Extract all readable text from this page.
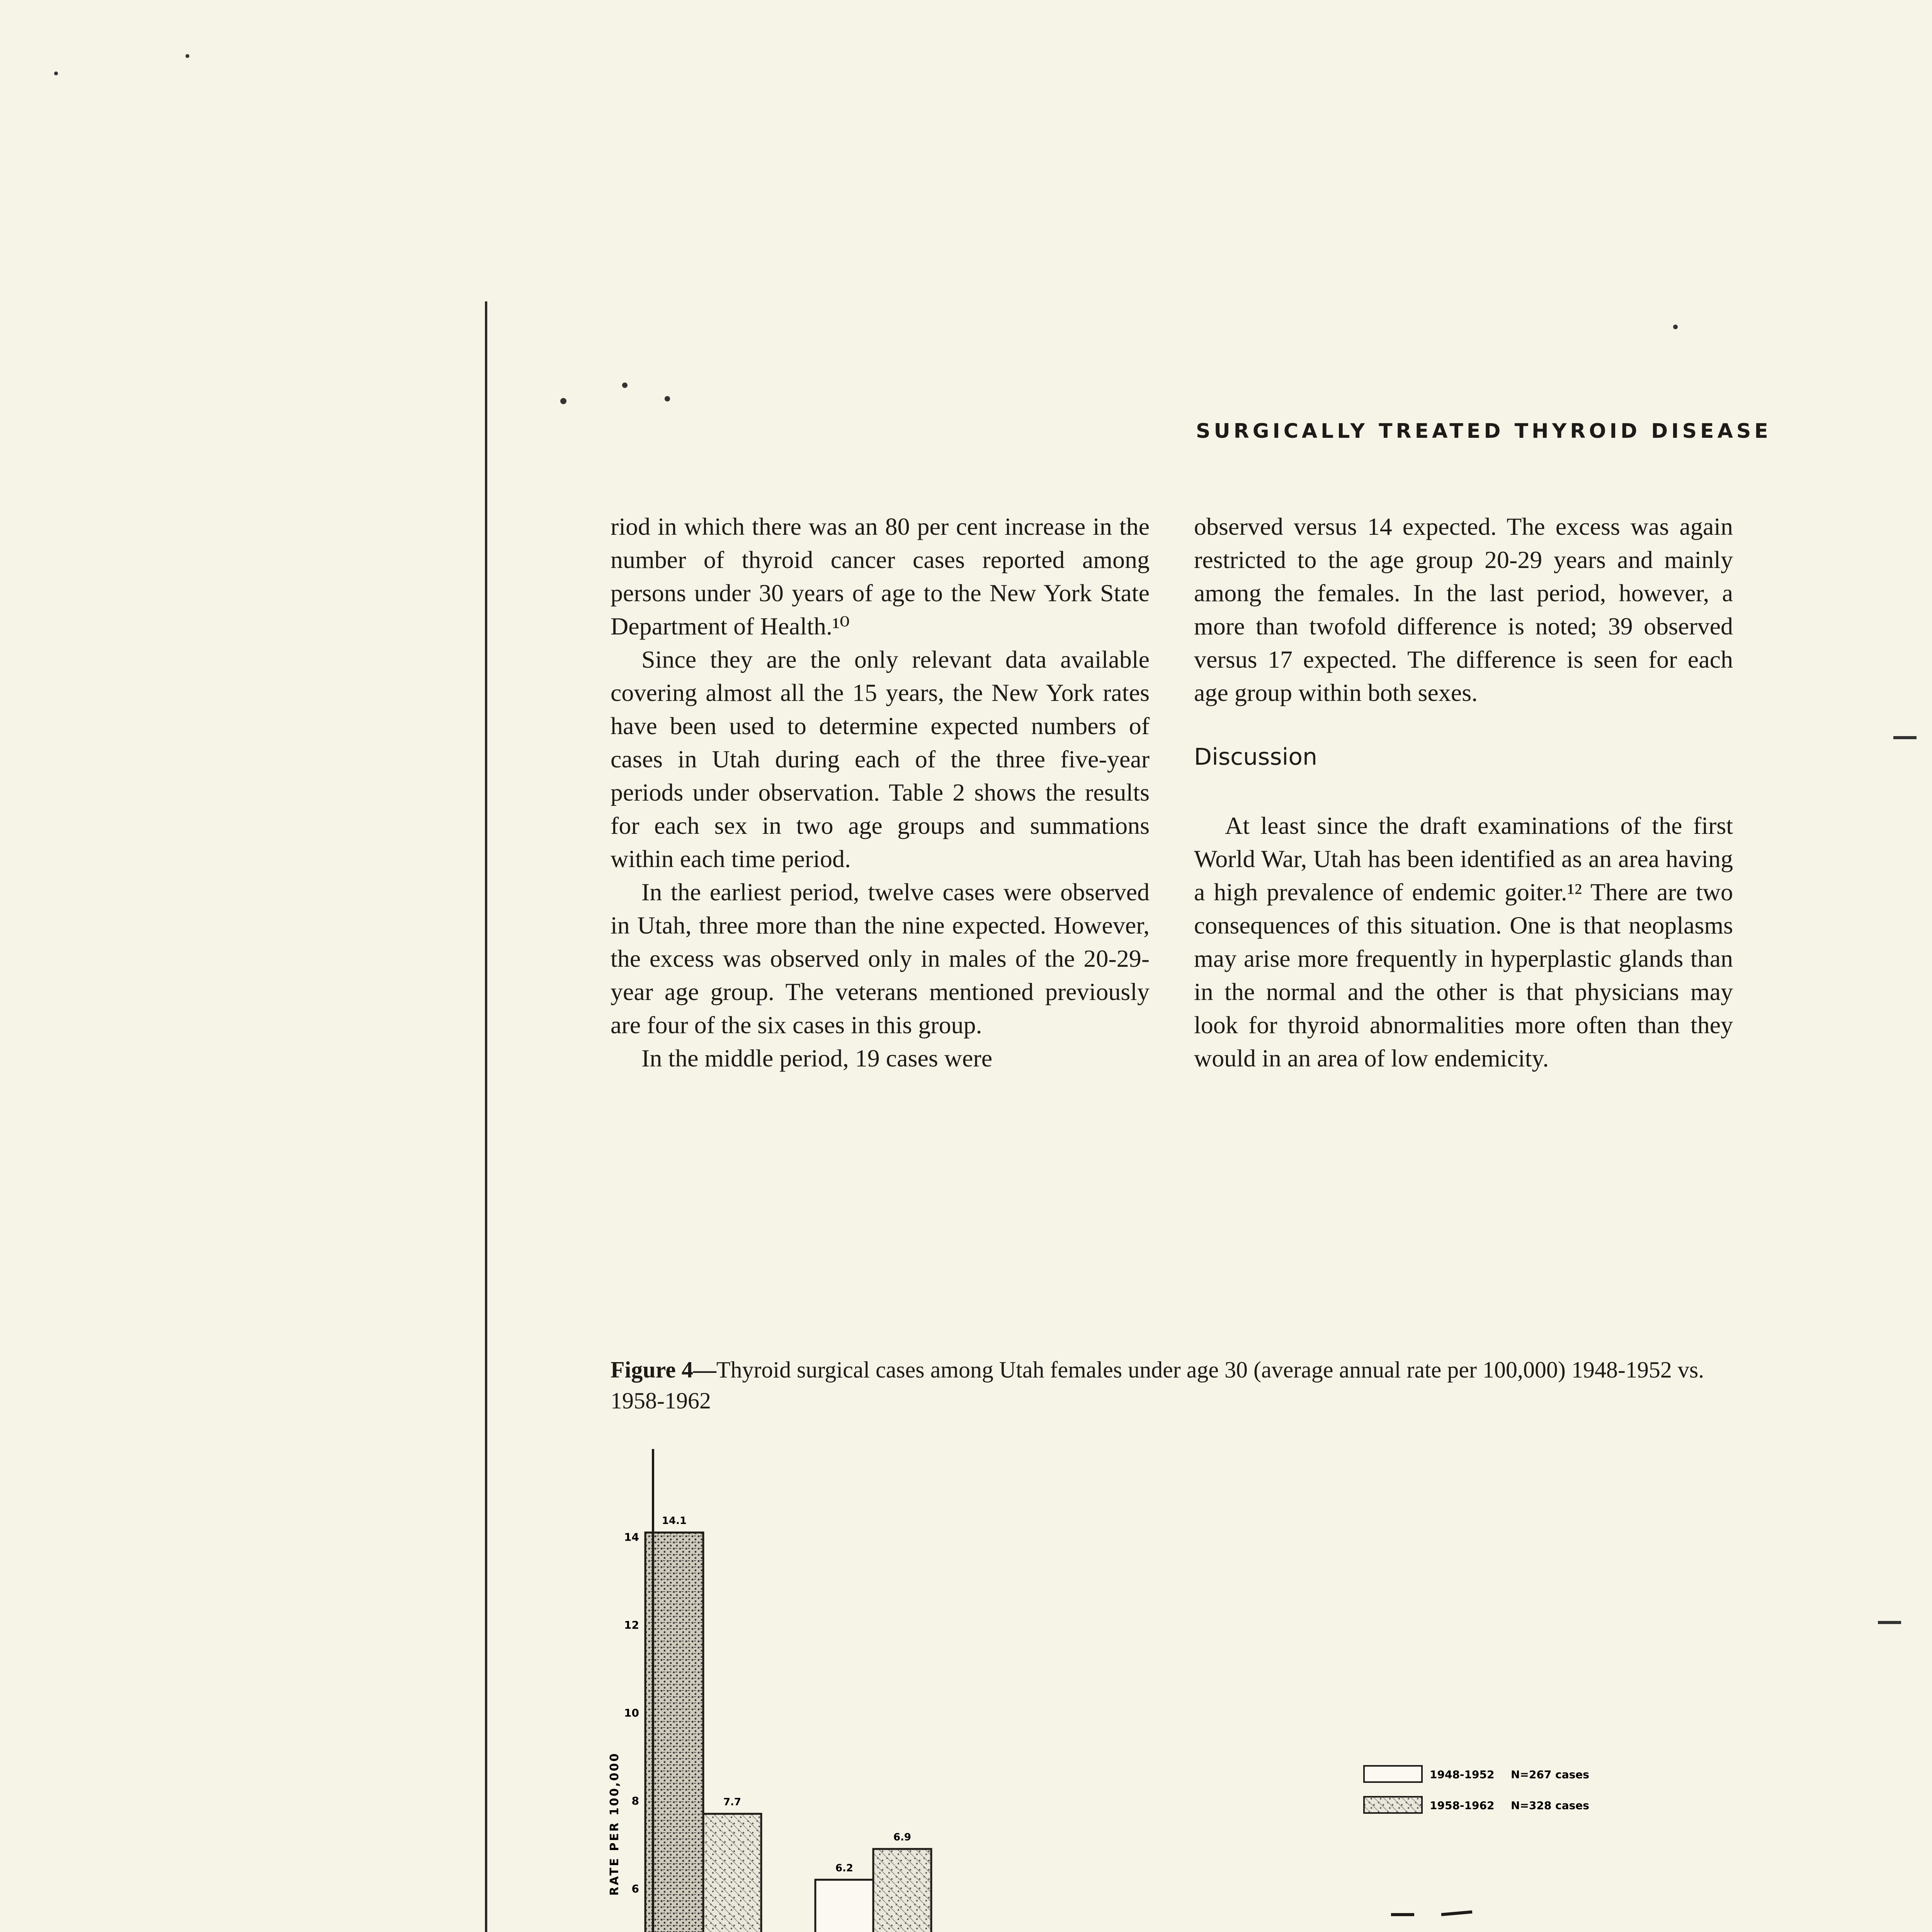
SURGICALLY TREATED THYROID DISEASE

riod in which there was an 80 per cent increase in the number of thyroid cancer cases reported among persons under 30 years of age to the New York State Department of Health.¹⁰

Since they are the only relevant data available covering almost all the 15 years, the New York rates have been used to determine expected numbers of cases in Utah during each of the three five-year periods under observation. Table 2 shows the results for each sex in two age groups and summations within each time period.

In the earliest period, twelve cases were observed in Utah, three more than the nine expected. However, the excess was observed only in males of the 20-29-year age group. The veterans mentioned previously are four of the six cases in this group.

In the middle period, 19 cases were

observed versus 14 expected. The excess was again restricted to the age group 20-29 years and mainly among the females. In the last period, however, a more than twofold difference is noted; 39 observed versus 17 expected. The difference is seen for each age group within both sexes.

Discussion

At least since the draft examinations of the first World War, Utah has been identified as an area having a high prevalence of endemic goiter.¹² There are two consequences of this situation. One is that neoplasms may arise more frequently in hyperplastic glands than in the normal and the other is that physicians may look for thyroid abnormalities more often than they would in an area of low endemicity.

Figure 4—Thyroid surgical cases among Utah females under age 30 (average annual rate per 100,000) 1948-1952 vs. 1958-1962
6
8
10
12
14
14.1
7.7
6.2
6.9
RATE PER 100,000	1948-1952 N=267 cases
1958-1962 N=328 cases
